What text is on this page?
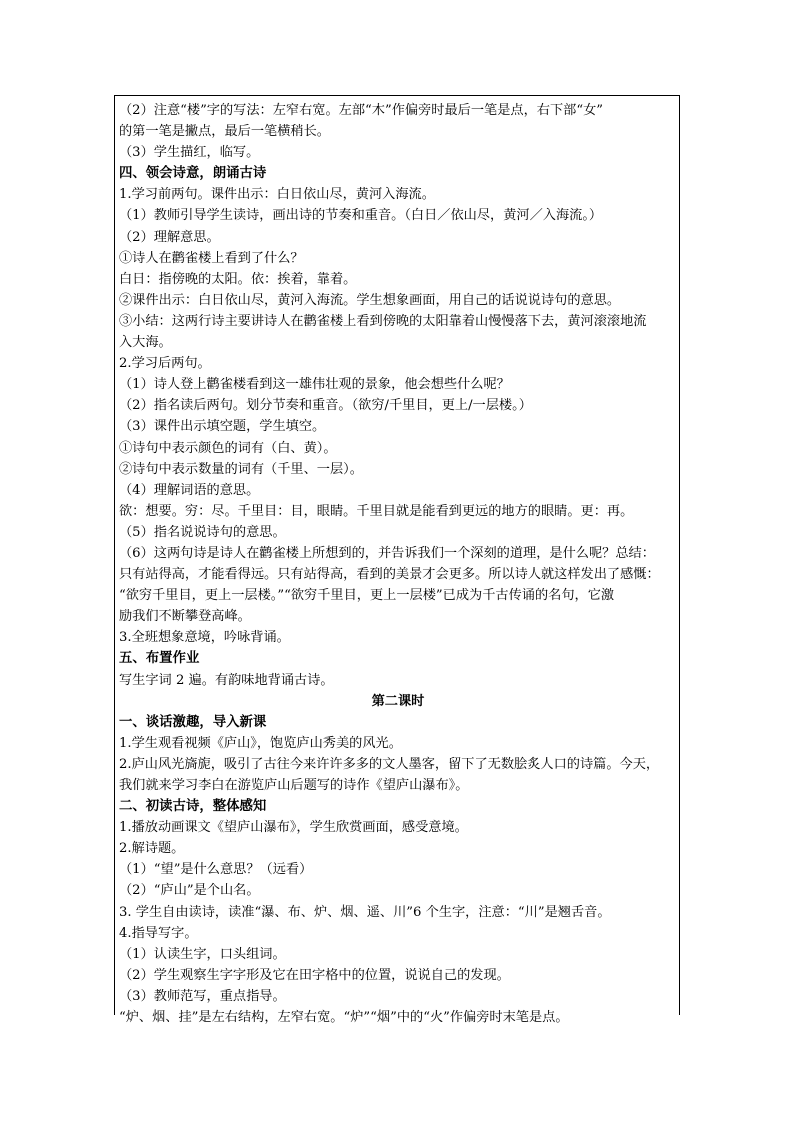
（2）注意“楼”字的写法：左窄右宽。左部“木”作偏旁时最后一笔是点，右下部“女”
的第一笔是撇点，最后一笔横稍长。
（3）学生描红，临写。
四、领会诗意，朗诵古诗
1.学习前两句。课件出示：白日依山尽，黄河入海流。
（1）教师引导学生读诗，画出诗的节奏和重音。（白日／依山尽，黄河／入海流。）
（2）理解意思。
①诗人在鹳雀楼上看到了什么？
白日：指傍晚的太阳。依：挨着，靠着。
②课件出示：白日依山尽，黄河入海流。学生想象画面，用自己的话说说诗句的意思。
③小结：这两行诗主要讲诗人在鹳雀楼上看到傍晚的太阳靠着山慢慢落下去，黄河滚滚地流
入大海。
2.学习后两句。
（1）诗人登上鹳雀楼看到这一雄伟壮观的景象，他会想些什么呢？
（2）指名读后两句。划分节奏和重音。（欲穷/千里目，更上/一层楼。）
（3）课件出示填空题，学生填空。
①诗句中表示颜色的词有（白、黄）。
②诗句中表示数量的词有（千里、一层）。
（4）理解词语的意思。
欲：想要。穷：尽。千里目：目，眼睛。千里目就是能看到更远的地方的眼睛。更：再。
（5）指名说说诗句的意思。
（6）这两句诗是诗人在鹳雀楼上所想到的，并告诉我们一个深刻的道理，是什么呢？总结：
只有站得高，才能看得远。只有站得高，看到的美景才会更多。所以诗人就这样发出了感慨：
“欲穷千里目，更上一层楼。”“欲穷千里目，更上一层楼”已成为千古传诵的名句，它激
励我们不断攀登高峰。
3.全班想象意境，吟咏背诵。
五、布置作业
写生字词 2 遍。有韵味地背诵古诗。
第二课时
一、谈话激趣，导入新课
1.学生观看视频《庐山》，饱览庐山秀美的风光。
2.庐山风光旖旎，吸引了古往今来许许多多的文人墨客，留下了无数脍炙人口的诗篇。今天，
我们就来学习李白在游览庐山后题写的诗作《望庐山瀑布》。
二、初读古诗，整体感知
1.播放动画课文《望庐山瀑布》，学生欣赏画面，感受意境。
2.解诗题。
（1）“望”是什么意思？（远看）
（2）“庐山”是个山名。
3. 学生自由读诗，读准“瀑、布、炉、烟、遥、川”6 个生字，注意：“川”是翘舌音。
4.指导写字。
（1）认读生字，口头组词。
（2）学生观察生字字形及它在田字格中的位置，说说自己的发现。
（3）教师范写，重点指导。
“炉、烟、挂”是左右结构，左窄右宽。“炉”“烟”中的“火”作偏旁时末笔是点。
